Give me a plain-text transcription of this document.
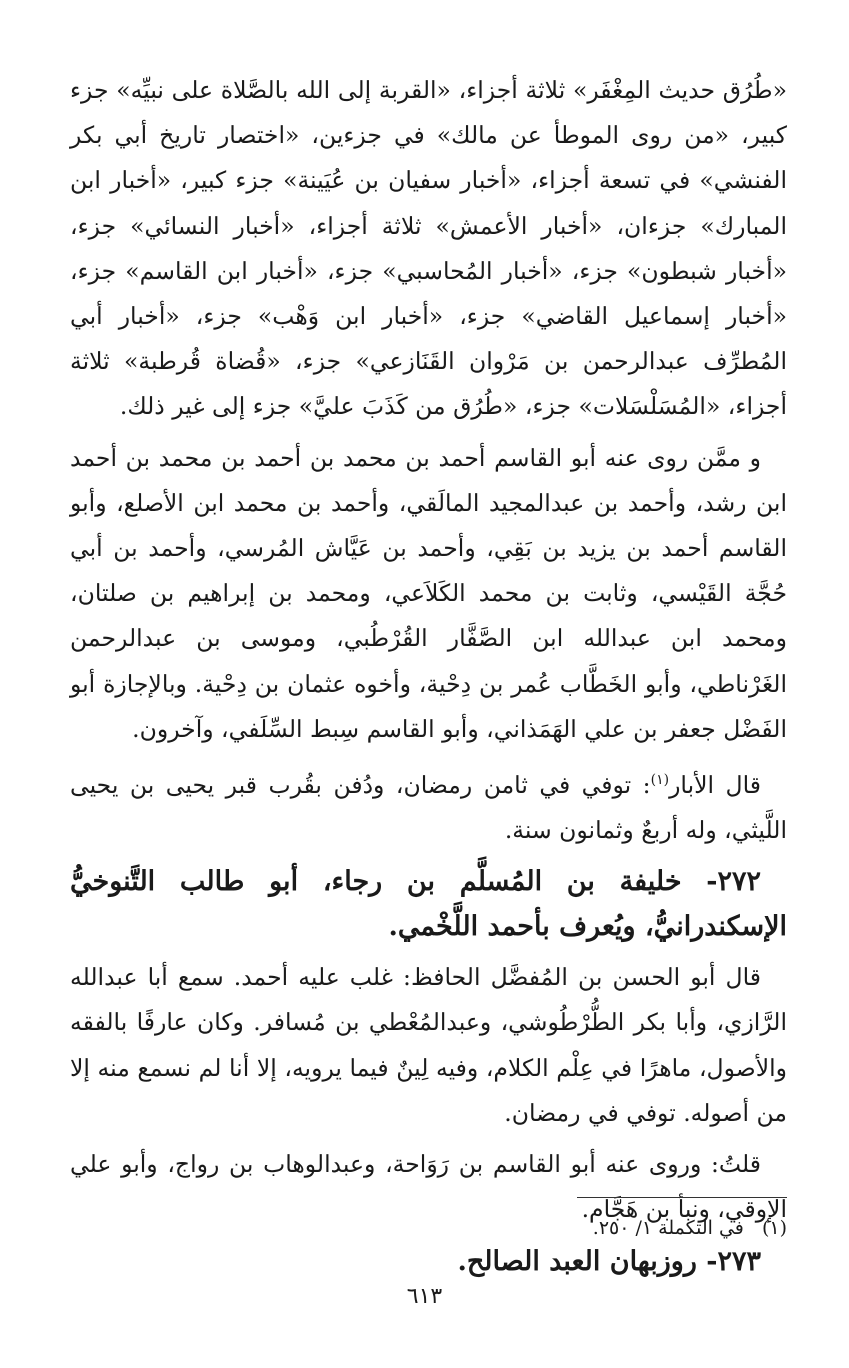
«طُرُق حديث المِغْفَر» ثلاثة أجزاء، «القربة إلى الله بالصَّلاة على نبيِّه» جزء كبير، «من روى الموطأ عن مالك» في جزءين، «اختصار تاريخ أبي بكر الفنشي» في تسعة أجزاء، «أخبار سفيان بن عُيَينة» جزء كبير، «أخبار ابن المبارك» جزءان، «أخبار الأعمش» ثلاثة أجزاء، «أخبار النسائي» جزء، «أخبار شبطون» جزء، «أخبار المُحاسبي» جزء، «أخبار ابن القاسم» جزء، «أخبار إسماعيل القاضي» جزء، «أخبار ابن وَهْب» جزء، «أخبار أبي المُطرِّف عبدالرحمن بن مَرْوان القَنَازعي» جزء، «قُضاة قُرطبة» ثلاثة أجزاء، «المُسَلْسَلات» جزء، «طُرُق من كَذَبَ عليَّ» جزء إلى غير ذلك.

و ممَّن روى عنه أبو القاسم أحمد بن محمد بن أحمد بن محمد بن أحمد ابن رشد، وأحمد بن عبدالمجيد المالَقي، وأحمد بن محمد ابن الأصلع، وأبو القاسم أحمد بن يزيد بن بَقِي، وأحمد بن عَيَّاش المُرسي، وأحمد بن أبي حُجَّة القَيْسي، وثابت بن محمد الكَلاَعي، ومحمد بن إبراهيم بن صلتان، ومحمد ابن عبدالله ابن الصَّفَّار القُرْطُبي، وموسى بن عبدالرحمن الغَرْناطي، وأبو الخَطَّاب عُمر بن دِحْية، وأخوه عثمان بن دِحْية. وبالإجازة أبو الفَضْل جعفر بن علي الهَمَذاني، وأبو القاسم سِبط السِّلَفي، وآخرون.

قال الأبار$^{(١)}$: توفي في ثامن رمضان، ودُفن بقُرب قبر يحيى بن يحيى اللَّيثي، وله أربعٌ وثمانون سنة.

٢٧٢- خليفة بن المُسلَّم بن رجاء، أبو طالب التَّنوخيُّ الإسكندرانيُّ، ويُعرف بأحمد اللَّخْمي.

قال أبو الحسن بن المُفضَّل الحافظ: غلب عليه أحمد. سمع أبا عبدالله الرَّازي، وأبا بكر الطُّرْطُوشي، وعبدالمُعْطي بن مُسافر. وكان عارفًا بالفقه والأصول، ماهرًا في عِلْم الكلام، وفيه لِينٌ فيما يرويه، إلا أنا لم نسمع منه إلا من أصوله. توفي في رمضان.

قلتُ: وروى عنه أبو القاسم بن رَوَاحة، وعبدالوهاب بن رواج، وأبو علي الإوقي، ونبأ بن هَجَّام.

٢٧٣- روزبهان العبد الصالح.

(١) في التكملة ١/ ٢٥٠.
٦١٣
